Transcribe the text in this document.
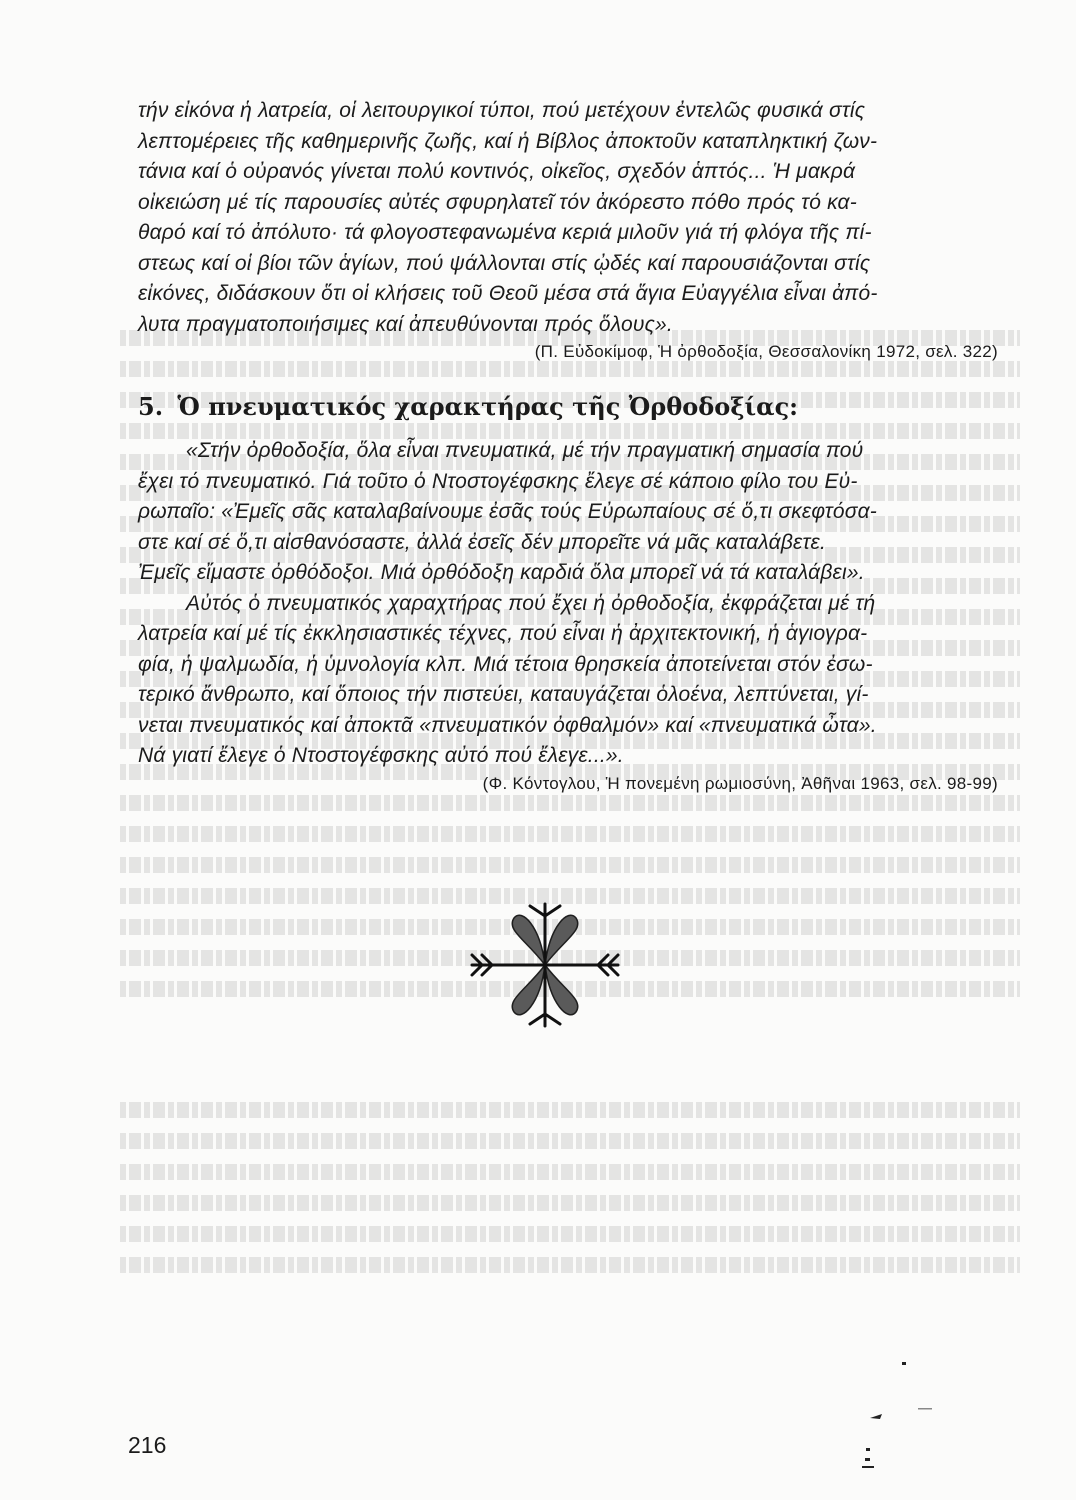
τήν εἰκόνα ἡ λατρεία, οἱ λειτουργικοί τύποι, πού μετέχουν ἐντελῶς φυσικά στίς
λεπτομέρειες τῆς καθημερινῆς ζωῆς, καί ἡ Βίβλος ἀποκτοῦν καταπληκτική ζων-
τάνια καί ὁ οὐρανός γίνεται πολύ κοντινός, οἰκεῖος, σχεδόν ἁπτός... Ἡ μακρά
οἰκειώση μέ τίς παρουσίες αὐτές σφυρηλατεῖ τόν ἀκόρεστο πόθο πρός τό κα-
θαρό καί τό ἀπόλυτο· τά φλογοστεφανωμένα κεριά μιλοῦν γιά τή φλόγα τῆς πί-
στεως καί οἱ βίοι τῶν ἁγίων, πού ψάλλονται στίς ᾠδές καί παρουσιάζονται στίς
εἰκόνες, διδάσκουν ὅτι οἱ κλήσεις τοῦ Θεοῦ μέσα στά ἅγια Εὐαγγέλια εἶναι ἀπό-
λυτα πραγματοποιήσιμες καί ἀπευθύνονται πρός ὅλους».
(Π. Εὐδοκίμοφ, Ἡ ὀρθοδοξία, Θεσσαλονίκη 1972, σελ. 322)
5. Ὁ πνευματικός χαρακτήρας τῆς Ὀρθοδοξίας:
«Στήν ὀρθοδοξία, ὅλα εἶναι πνευματικά, μέ τήν πραγματική σημασία πού
ἔχει τό πνευματικό. Γιά τοῦτο ὁ Ντοστογέφσκης ἔλεγε σέ κάποιο φίλο του Εὐ-
ρωπαῖο: «Ἐμεῖς σᾶς καταλαβαίνουμε ἐσᾶς τούς Εὐρωπαίους σέ ὅ,τι σκεφτόσα-
στε καί σέ ὅ,τι αἰσθανόσαστε, ἀλλά ἐσεῖς δέν μπορεῖτε νά μᾶς καταλάβετε.
Ἐμεῖς εἴμαστε ὀρθόδοξοι. Μιά ὀρθόδοξη καρδιά ὅλα μπορεῖ νά τά καταλάβει».
Αὐτός ὁ πνευματικός χαραχτήρας πού ἔχει ἡ ὀρθοδοξία, ἐκφράζεται μέ τή
λατρεία καί μέ τίς ἐκκλησιαστικές τέχνες, πού εἶναι ἡ ἀρχιτεκτονική, ἡ ἁγιογρα-
φία, ἡ ψαλμωδία, ἡ ὑμνολογία κλπ. Μιά τέτοια θρησκεία ἀποτείνεται στόν ἐσω-
τερικό ἄνθρωπο, καί ὅποιος τήν πιστεύει, καταυγάζεται ὁλοένα, λεπτύνεται, γί-
νεται πνευματικός καί ἀποκτᾶ «πνευματικόν ὀφθαλμόν» καί «πνευματικά ὦτα».
Νά γιατί ἔλεγε ὁ Ντοστογέφσκης αὐτό πού ἔλεγε...».
(Φ. Κόντογλου, Ἡ πονεμένη ρωμιοσύνη, Ἀθῆναι 1963, σελ. 98-99)
216
